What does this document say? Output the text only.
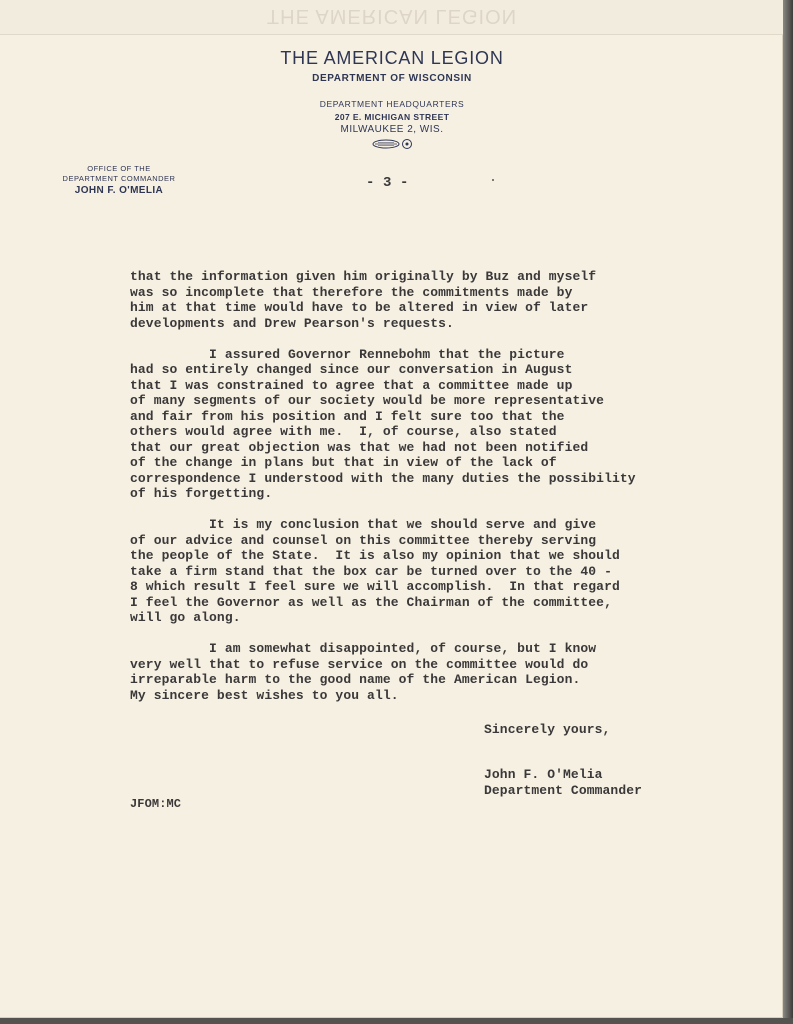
THE AMERICAN LEGION
THE AMERICAN LEGION
DEPARTMENT OF WISCONSIN
DEPARTMENT HEADQUARTERS
207 E. MICHIGAN STREET
MILWAUKEE 2, WIS.
OFFICE OF THE
DEPARTMENT COMMANDER
JOHN F. O'MELIA	- 3 -
that the information given him originally by Buz and myself
was so incomplete that therefore the commitments made by
him at that time would have to be altered in view of later
developments and Drew Pearson's requests.

I assured Governor Rennebohm that the picture
had so entirely changed since our conversation in August
that I was constrained to agree that a committee made up
of many segments of our society would be more representative
and fair from his position and I felt sure too that the
others would agree with me.  I, of course, also stated
that our great objection was that we had not been notified
of the change in plans but that in view of the lack of
correspondence I understood with the many duties the possibility
of his forgetting.

It is my conclusion that we should serve and give
of our advice and counsel on this committee thereby serving
the people of the State.  It is also my opinion that we should
take a firm stand that the box car be turned over to the 40 -
8 which result I feel sure we will accomplish.  In that regard
I feel the Governor as well as the Chairman of the committee,
will go along.

I am somewhat disappointed, of course, but I know
very well that to refuse service on the committee would do
irreparable harm to the good name of the American Legion.
My sincere best wishes to you all.
Sincerely yours,
John F. O'Melia
Department Commander
JFOM:MC
